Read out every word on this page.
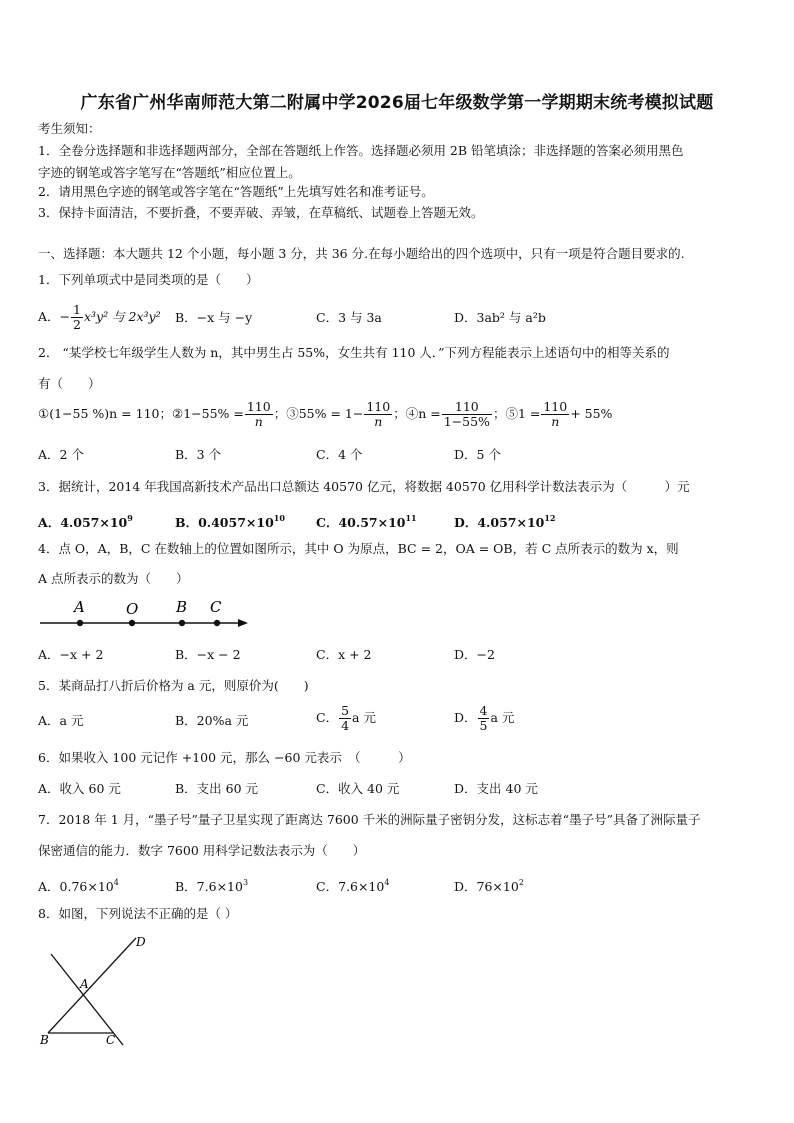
广东省广州华南师范大第二附属中学2026届七年级数学第一学期期末统考模拟试题
考生须知：
1．全卷分选择题和非选择题两部分，全部在答题纸上作答。选择题必须用 2B 铅笔填涂；非选择题的答案必须用黑色
字迹的钢笔或答字笔写在“答题纸”相应位置上。
2．请用黑色字迹的钢笔或答字笔在“答题纸”上先填写姓名和准考证号。
3．保持卡面清洁，不要折叠，不要弄破、弄皱，在草稿纸、试题卷上答题无效。
一、选择题：本大题共 12 个小题，每小题 3 分，共 36 分.在每小题给出的四个选项中，只有一项是符合题目要求的.
1．下列单项式中是同类项的是（　　）
A．− $\frac{1}{2} x^3y^2$ 与 2x³y² B．−x 与 −y	C．3 与 3a	D．3ab² 与 a²b
2． “某学校七年级学生人数为 n，其中男生占 55%，女生共有 110 人．”下列方程能表示上述语句中的相等关系的
有（　　）
①(1−55 %)n = 110；②1−55% = $\frac{110}{n}$ ；③55% = $1- \frac{110}{n}$ ；④n = $\frac{110}{1-55\%}$ ；⑤1 = $\frac{110}{n} + 55\%$
A．2 个	B．3 个	C．4 个	D．5 个
3．据统计，2014 年我国高新技术产品出口总额达 40570 亿元，将数据 40570 亿用科学计数法表示为（　　　）元
A．$4.057\times 10^9$	B．$0.4057\times 10^{10}$ C．$40.57\times 10^{11}$	D．$4.057\times 10^{12}$
4．点 O，A，B，C 在数轴上的位置如图所示，其中 O 为原点，BC = 2，OA = OB，若 C 点所表示的数为 x，则
A 点所表示的数为（　　）
A	O	B C
A．−x + 2	B．−x − 2	C．x + 2	D．−2
5．某商品打八折后价格为 a 元，则原价为(　　)
A．a 元	B．20%a 元	C． $\frac{5}{4}$ a 元	D． $\frac{4}{5}$ a 元
6．如果收入 100 元记作 +100 元，那么 −60 元表示　（　　　）
A．收入 60 元	B．支出 60 元	C．收入 40 元	D．支出 40 元
7．2018 年 1 月，“墨子号”量子卫星实现了距离达 7600 千米的洲际量子密钥分发，这标志着“墨子号”具备了洲际量子
保密通信的能力．数字 7600 用科学记数法表示为（　　）
A．$0.76\times 10^4$	B．$7.6\times 10^3$	C．$7.6\times 10^4$	D．$76\times 10^2$
8．如图，下列说法不正确的是（ ）
D
A
B	C
